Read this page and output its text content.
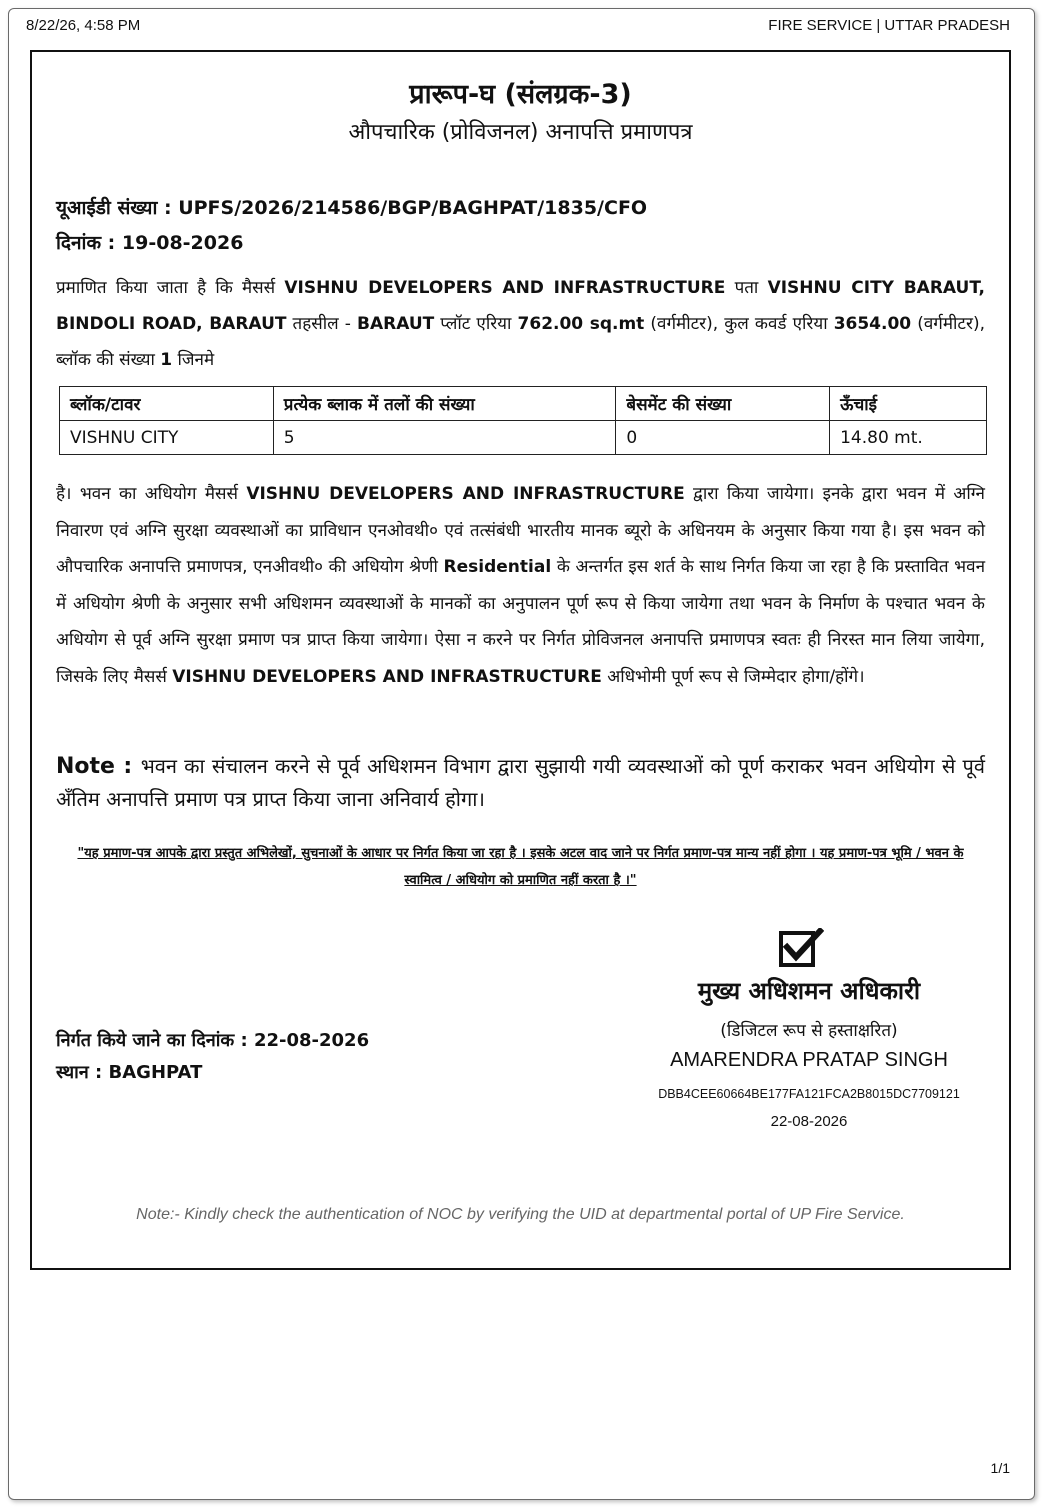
8/22/26, 4:58 PM	FIRE SERVICE | UTTAR PRADESH
प्रारूप-घ (संलग्रक-3)
औपचारिक (प्रोविजनल) अनापत्ति प्रमाणपत्र
यूआईडी संख्या : UPFS/2026/214586/BGP/BAGHPAT/1835/CFO
दिनांक : 19-08-2026
प्रमाणित किया जाता है कि मैसर्स VISHNU DEVELOPERS AND INFRASTRUCTURE पता VISHNU CITY BARAUT, BINDOLI ROAD, BARAUT तहसील - BARAUT प्लॉट एरिया 762.00 sq.mt (वर्गमीटर), कुल कवर्ड एरिया 3654.00 (वर्गमीटर), ब्लॉक की संख्या 1 जिनमे
ब्लॉक/टावर	प्रत्येक ब्लाक में तलों की संख्या	बेसमेंट की संख्या	ऊँचाई
VISHNU CITY	5	0	14.80 mt.
है। भवन का अधियोग मैसर्स VISHNU DEVELOPERS AND INFRASTRUCTURE द्वारा किया जायेगा। इनके द्वारा भवन में अग्नि निवारण एवं अग्नि सुरक्षा व्यवस्थाओं का प्राविधान एनओवथी० एवं तत्संबंधी भारतीय मानक ब्यूरो के अधिनयम के अनुसार किया गया है। इस भवन को औपचारिक अनापत्ति प्रमाणपत्र, एनअीवथी० की अधियोग श्रेणी Residential के अन्तर्गत इस शर्त के साथ निर्गत किया जा रहा है कि प्रस्तावित भवन में अधियोग श्रेणी के अनुसार सभी अधिशमन व्यवस्थाओं के मानकों का अनुपालन पूर्ण रूप से किया जायेगा तथा भवन के निर्माण के पश्चात भवन के अधियोग से पूर्व अग्नि सुरक्षा प्रमाण पत्र प्राप्त किया जायेगा। ऐसा न करने पर निर्गत प्रोविजनल अनापत्ति प्रमाणपत्र स्वतः ही निरस्त मान लिया जायेगा, जिसके लिए मैसर्स VISHNU DEVELOPERS AND INFRASTRUCTURE अधिभोमी पूर्ण रूप से जिम्मेदार होगा/होंगे।
Note : भवन का संचालन करने से पूर्व अधिशमन विभाग द्वारा सुझायी गयी व्यवस्थाओं को पूर्ण कराकर भवन अधियोग से पूर्व अँतिम अनापत्ति प्रमाण पत्र प्राप्त किया जाना अनिवार्य होगा।
"यह प्रमाण-पत्र आपके द्वारा प्रस्तुत अभिलेखों, सुचनाओं के आधार पर निर्गत किया जा रहा है । इसके अटल वाद जाने पर निर्गत प्रमाण-पत्र मान्य नहीं होगा । यह प्रमाण-पत्र भूमि / भवन के स्वामित्व / अधियोग को प्रमाणित नहीं करता है ।"
मुख्य अधिशमन अधिकारी
(डिजिटल रूप से हस्ताक्षरित)
AMARENDRA PRATAP SINGH
DBB4CEE60664BE177FA121FCA2B8015DC7709121
22-08-2026
निर्गत किये जाने का दिनांक : 22-08-2026
स्थान : BAGHPAT
Note:- Kindly check the authentication of NOC by verifying the UID at departmental portal of UP Fire Service.
1/1
